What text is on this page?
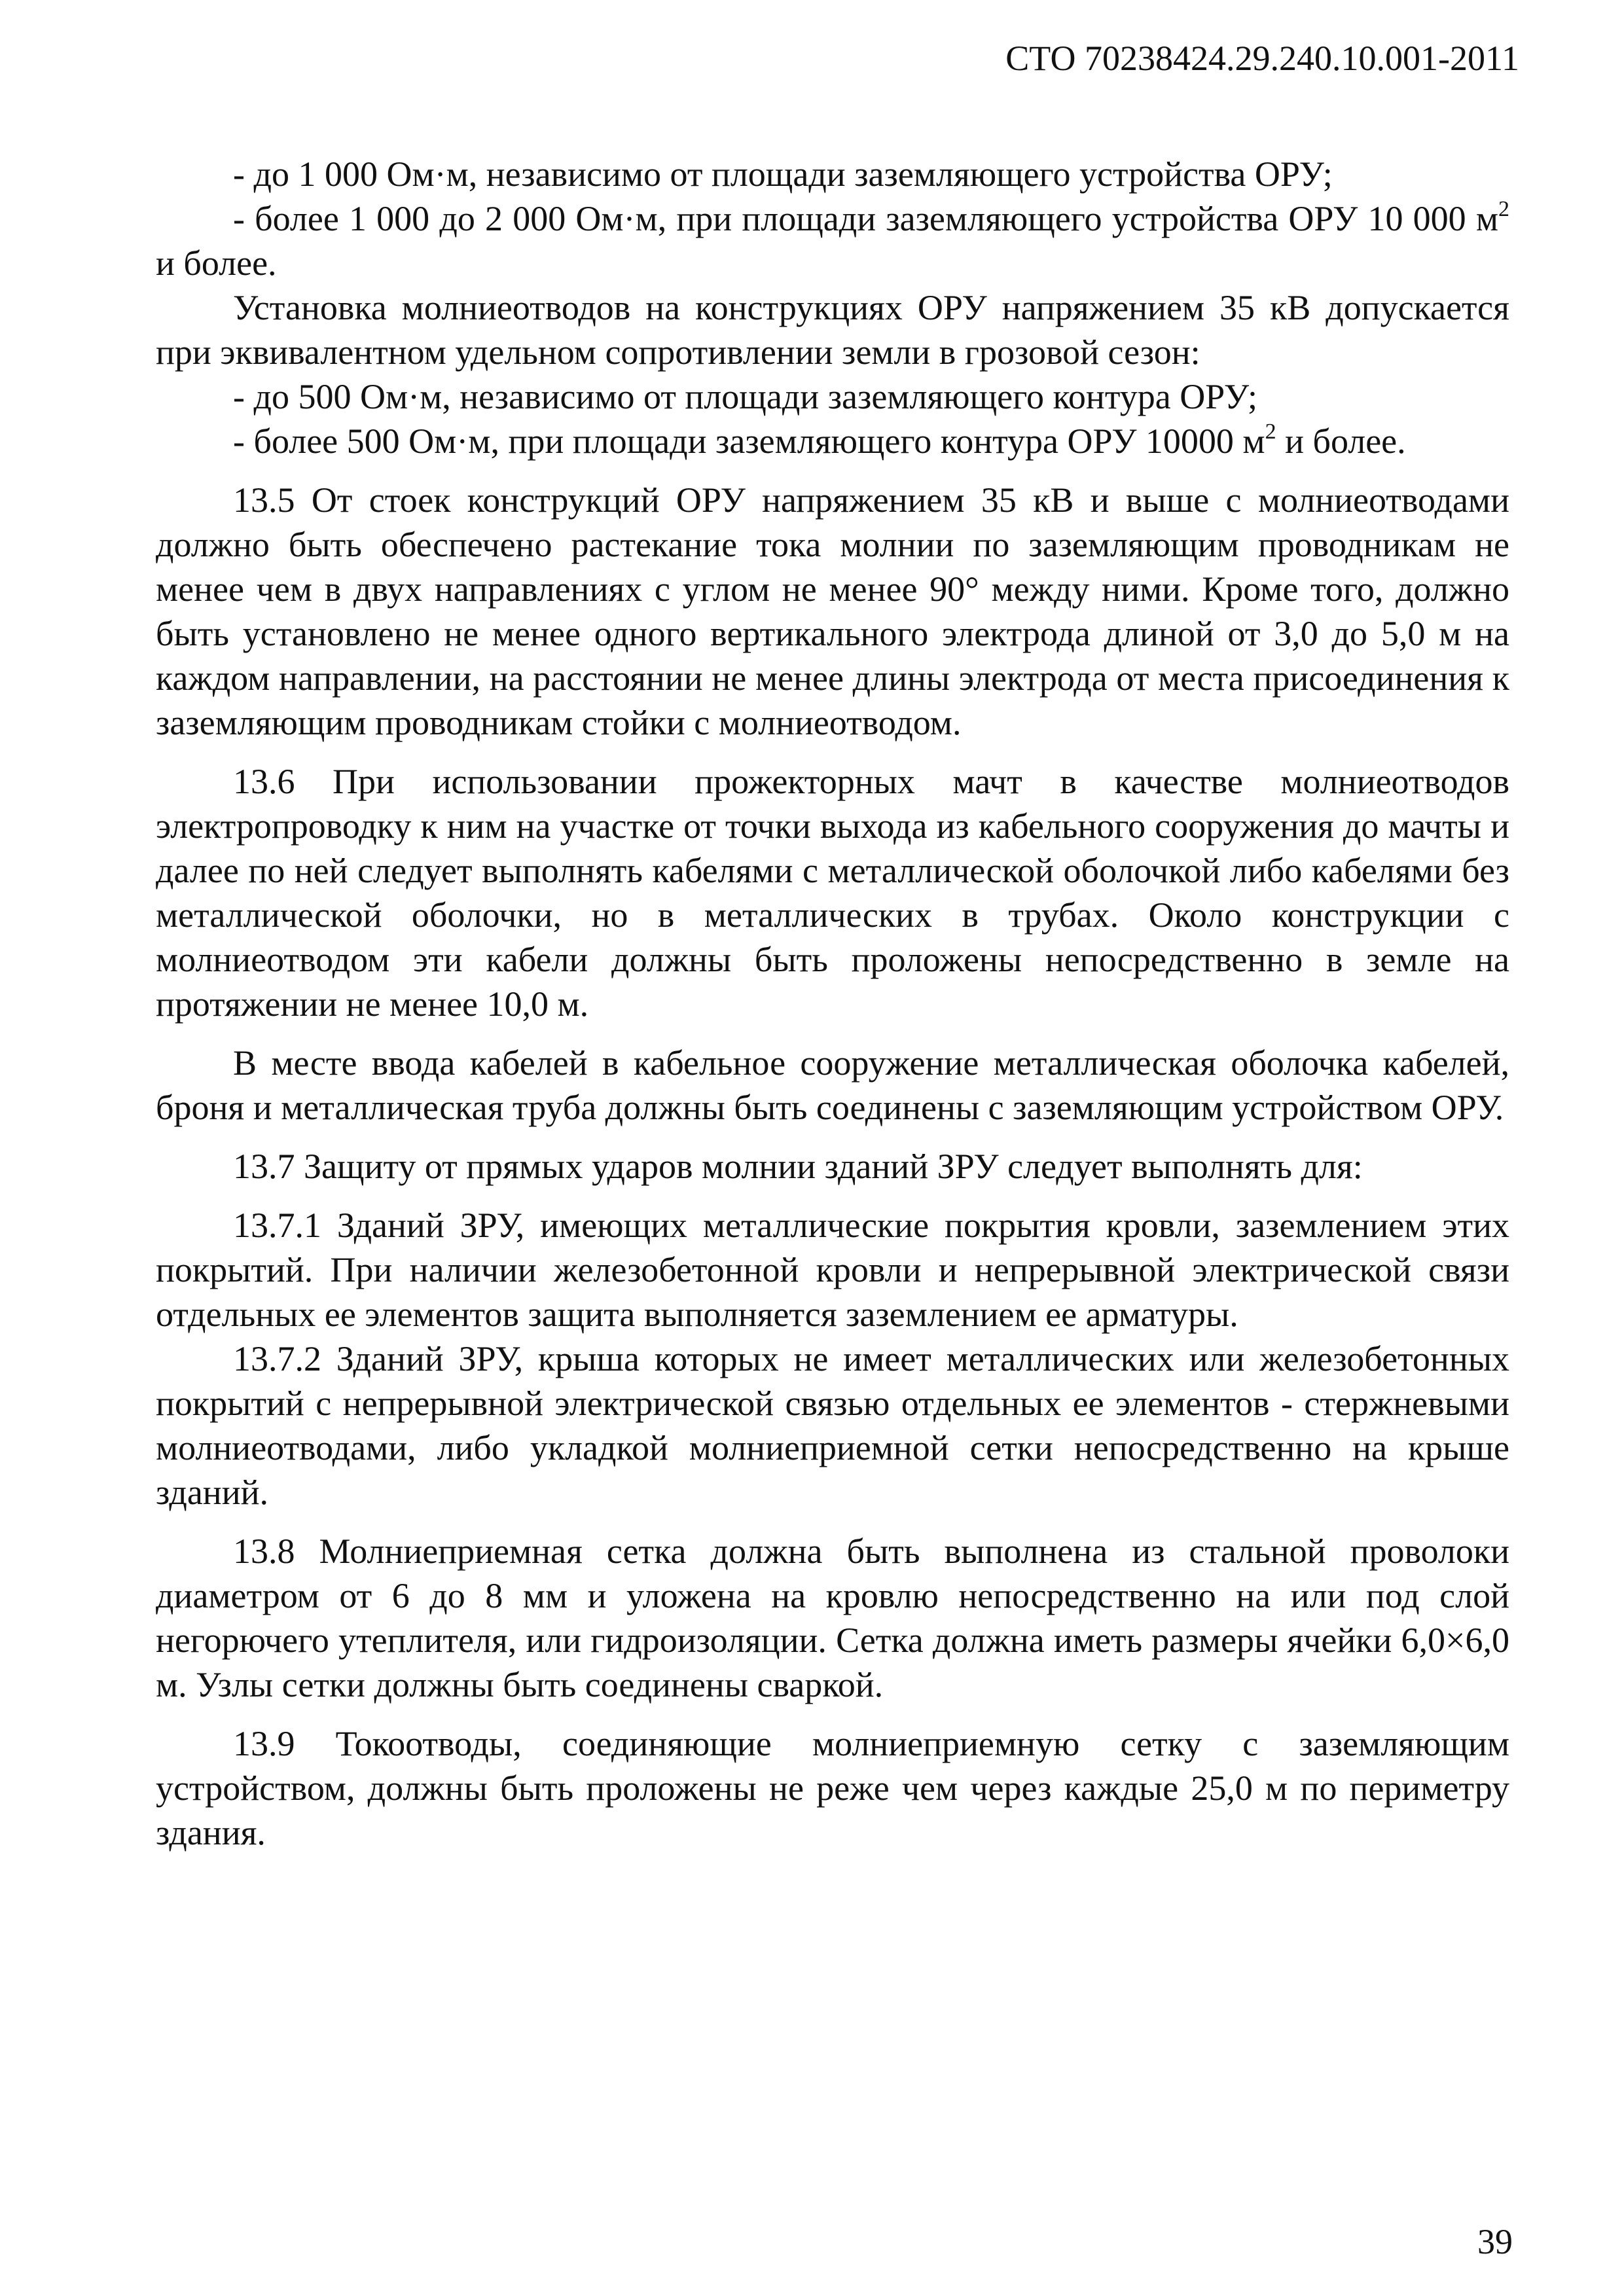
СТО 70238424.29.240.10.001-2011

- до 1 000 Ом·м, независимо от площади заземляющего устройства ОРУ;

- более 1 000 до 2 000 Ом·м, при площади заземляющего устройства ОРУ 10 000 $м^2$ и более.

Установка молниеотводов на конструкциях ОРУ напряжением 35 кВ допускается при эквивалентном удельном сопротивлении земли в грозовой сезон:

- до 500 Ом·м, независимо от площади заземляющего контура ОРУ;

- более 500 Ом·м, при площади заземляющего контура ОРУ 10000 $м^2$ и более.

13.5 От стоек конструкций ОРУ напряжением 35 кВ и выше с молниеотводами должно быть обеспечено растекание тока молнии по заземляющим проводникам не менее чем в двух направлениях с углом не менее 90° между ними. Кроме того, должно быть установлено не менее одного вертикального электрода длиной от 3,0 до 5,0 м на каждом направлении, на расстоянии не менее длины электрода от места присоединения к заземляющим проводникам стойки с молниеотводом.

13.6 При использовании прожекторных мачт в качестве молниеотводов электропроводку к ним на участке от точки выхода из кабельного сооружения до мачты и далее по ней следует выполнять кабелями с металлической оболочкой либо кабелями без металлической оболочки, но в металлических в трубах. Около конструкции с молниеотводом эти кабели должны быть проложены непосредственно в земле на протяжении не менее 10,0 м.

В месте ввода кабелей в кабельное сооружение металлическая оболочка кабелей, броня и металлическая труба должны быть соединены с заземляющим устройством ОРУ.

13.7 Защиту от прямых ударов молнии зданий ЗРУ следует выполнять для:

13.7.1 Зданий ЗРУ, имеющих металлические покрытия кровли, заземлением этих покрытий. При наличии железобетонной кровли и непрерывной электрической связи отдельных ее элементов защита выполняется заземлением ее арматуры.

13.7.2 Зданий ЗРУ, крыша которых не имеет металлических или железобетонных покрытий с непрерывной электрической связью отдельных ее элементов - стержневыми молниеотводами, либо укладкой молниеприемной сетки непосредственно на крыше зданий.

13.8 Молниеприемная сетка должна быть выполнена из стальной проволоки диаметром от 6 до 8 мм и уложена на кровлю непосредственно на или под слой негорючего утеплителя, или гидроизоляции. Сетка должна иметь размеры ячейки 6,0×6,0 м. Узлы сетки должны быть соединены сваркой.

13.9 Токоотводы, соединяющие молниеприемную сетку с заземляющим устройством, должны быть проложены не реже чем через каждые 25,0 м по периметру здания.

39
